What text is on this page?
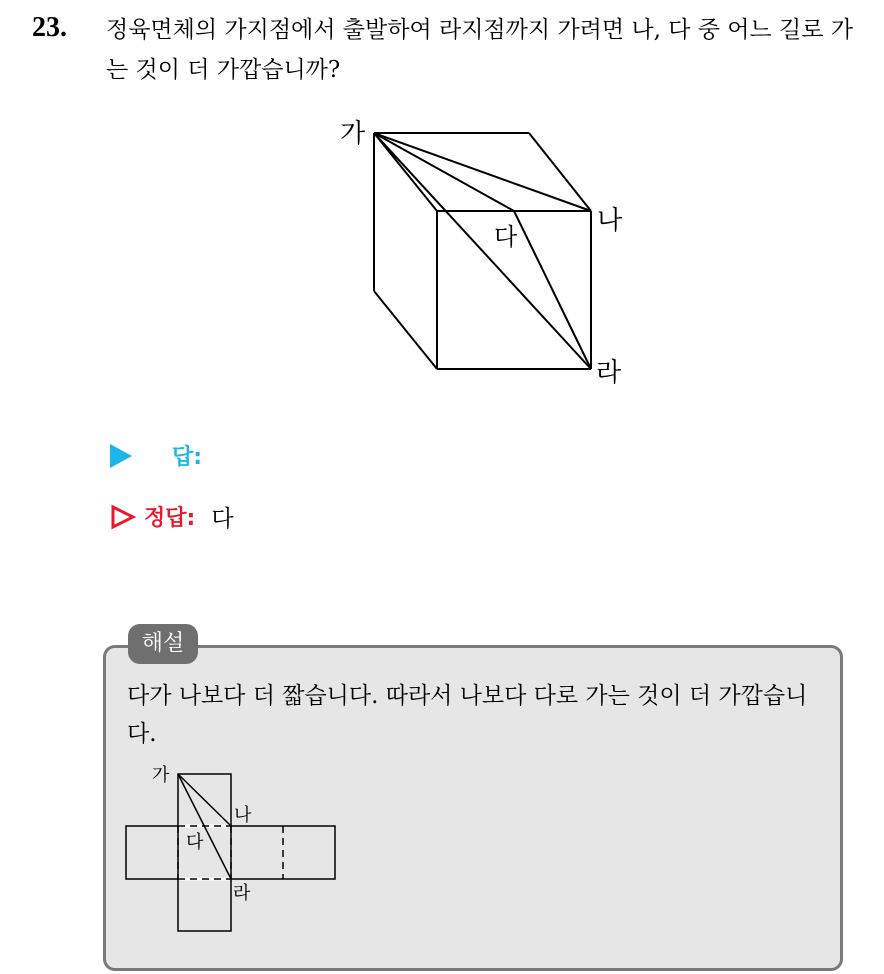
23. 정육면체의 가지점에서 출발하여 라지점까지 가려면 나, 다 중 어느 길로 가는 것이 더 가깝습니까?
가
나
다
라
답:
정답: 다
해설
다가 나보다 더 짧습니다. 따라서 나보다 다로 가는 것이 더 가깝습니다.
가
나
다
라
